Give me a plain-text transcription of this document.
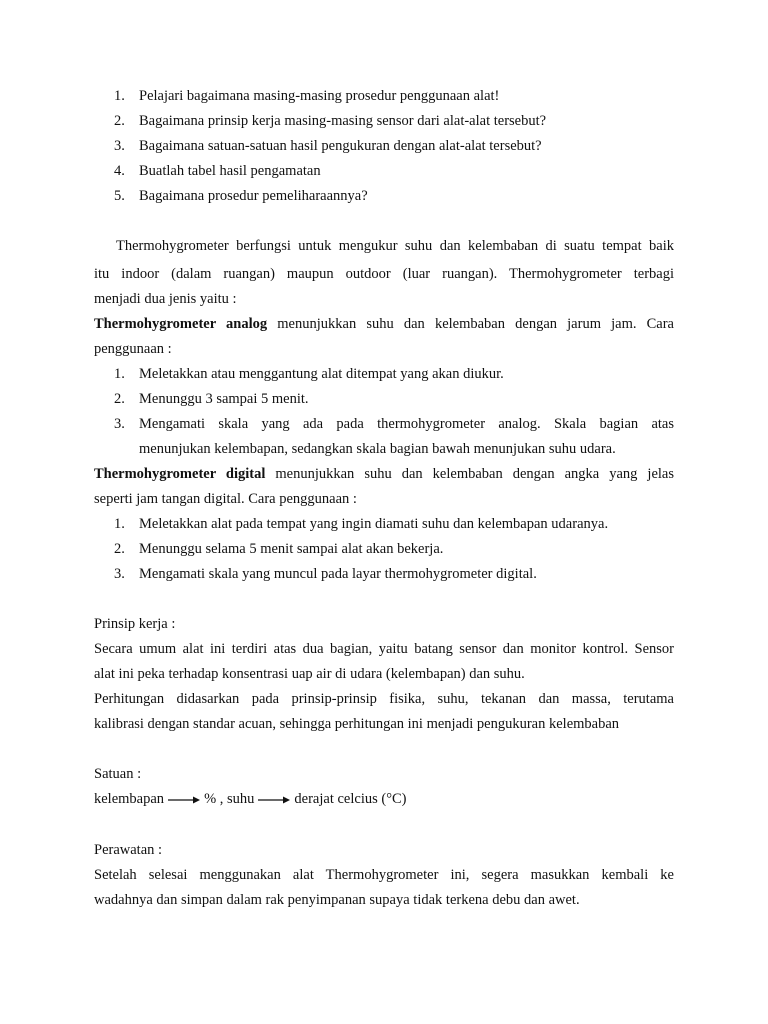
1. Pelajari bagaimana masing-masing prosedur penggunaan alat!
2. Bagaimana prinsip kerja masing-masing sensor dari alat-alat tersebut?
3. Bagaimana satuan-satuan hasil pengukuran dengan alat-alat tersebut?
4. Buatlah tabel hasil pengamatan
5. Bagaimana prosedur pemeliharaannya?
Thermohygrometer berfungsi untuk mengukur suhu dan kelembaban di suatu tempat baik
itu indoor (dalam ruangan) maupun outdoor (luar ruangan). Thermohygrometer terbagi
menjadi dua jenis yaitu :
Thermohygrometer analog menunjukkan suhu dan kelembaban dengan jarum jam. Cara
penggunaan :
1. Meletakkan atau menggantung alat ditempat yang akan diukur.
2. Menunggu 3 sampai 5 menit.
3. Mengamati skala yang ada pada thermohygrometer analog. Skala bagian atas
menunjukan kelembapan, sedangkan skala bagian bawah menunjukan suhu udara.
Thermohygrometer digital menunjukkan suhu dan kelembaban dengan angka yang jelas
seperti jam tangan digital. Cara penggunaan :
1. Meletakkan alat pada tempat yang ingin diamati suhu dan kelembapan udaranya.
2. Menunggu selama 5 menit sampai alat akan bekerja.
3. Mengamati skala yang muncul pada layar thermohygrometer digital.
Prinsip kerja :
Secara umum alat ini terdiri atas dua bagian, yaitu batang sensor dan monitor kontrol. Sensor
alat ini peka terhadap konsentrasi uap air di udara (kelembapan) dan suhu.
Perhitungan didasarkan pada prinsip-prinsip fisika, suhu, tekanan dan massa, terutama
kalibrasi dengan standar acuan, sehingga perhitungan ini menjadi pengukuran kelembaban
Satuan :
kelembapan	% , suhu	derajat celcius (°C)
Perawatan :
Setelah selesai menggunakan alat Thermohygrometer ini, segera masukkan kembali ke
wadahnya dan simpan dalam rak penyimpanan supaya tidak terkena debu dan awet.
